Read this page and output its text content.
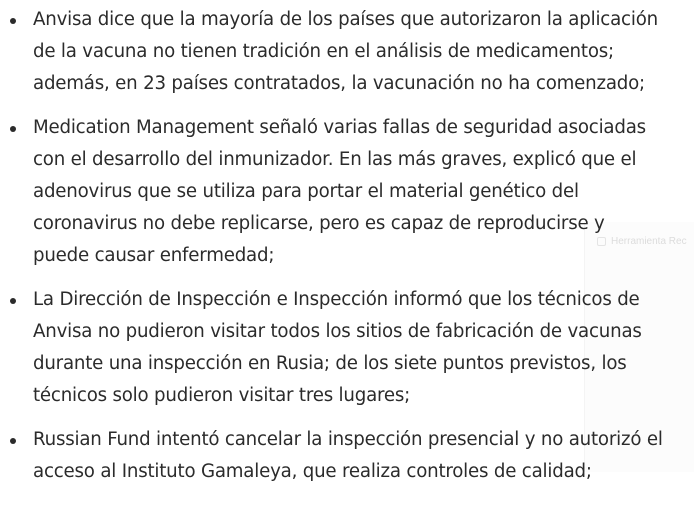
Herramienta Rec
Anvisa dice que la mayoría de los países que autorizaron la aplicación de la vacuna no tienen tradición en el análisis de medicamentos; además, en 23 países contratados, la vacunación no ha comenzado;
Medication Management señaló varias fallas de seguridad asociadas con el desarrollo del inmunizador. En las más graves, explicó que el adenovirus que se utiliza para portar el material genético del coronavirus no debe replicarse, pero es capaz de reproducirse y puede causar enfermedad;
La Dirección de Inspección e Inspección informó que los técnicos de Anvisa no pudieron visitar todos los sitios de fabricación de vacunas durante una inspección en Rusia; de los siete puntos previstos, los técnicos solo pudieron visitar tres lugares;
Russian Fund intentó cancelar la inspección presencial y no autorizó el acceso al Instituto Gamaleya, que realiza controles de calidad;
